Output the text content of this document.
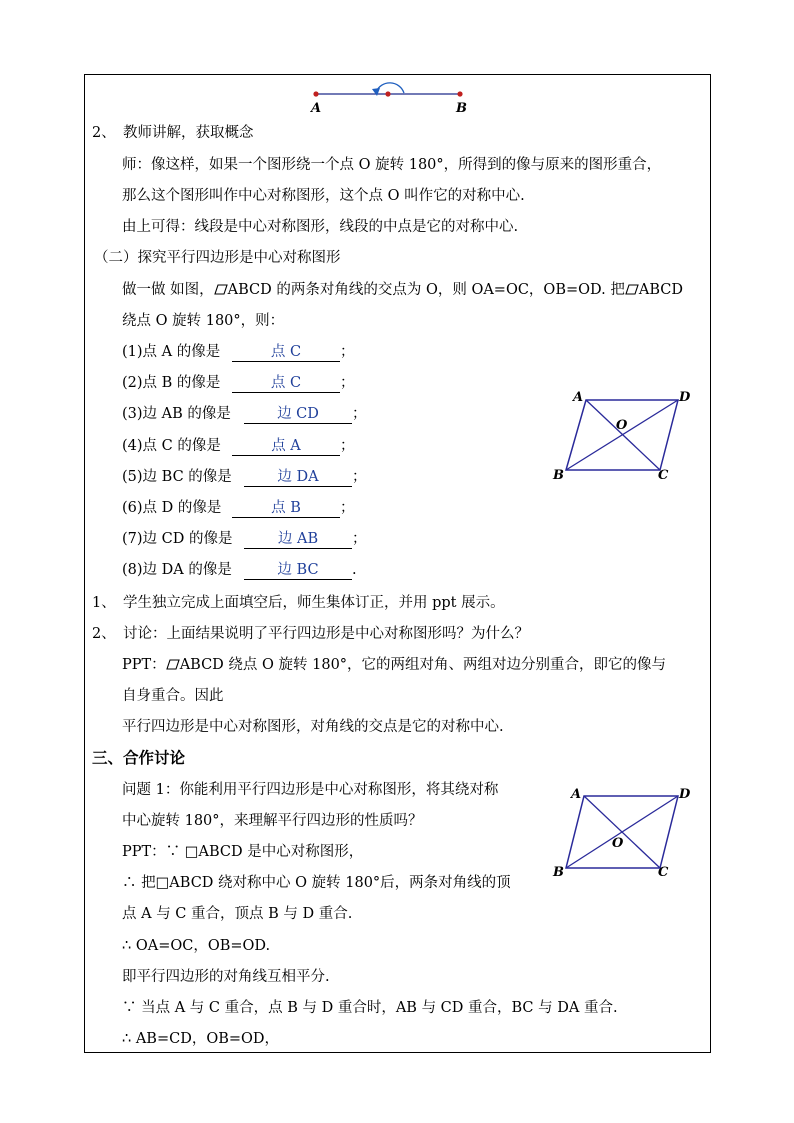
A	B
2、　教师讲解，获取概念
师：像这样，如果一个图形绕一个点 O 旋转 180°，所得到的像与原来的图形重合，
那么这个图形叫作中心对称图形，这个点 O 叫作它的对称中心.
由上可得：线段是中心对称图形，线段的中点是它的对称中心.
（二）探究平行四边形是中心对称图形
做一做 如图， ABCD 的两条对角线的交点为 O，则 OA=OC，OB=OD. 把 ABCD
绕点 O 旋转 180°，则：
(1)点 A 的像是	点 C	；
(2)点 B 的像是	点 C	；
(3)边 AB 的像是	边 CD ；
(4)点 C 的像是	点 A	；
(5)边 BC 的像是	边 DA ；
(6)点 D 的像是	点 B	；
(7)边 CD 的像是	边 AB ；
(8)边 DA 的像是	边 BC .
A	D
B	C
O
1、　学生独立完成上面填空后，师生集体订正，并用 ppt 展示。
2、　讨论：上面结果说明了平行四边形是中心对称图形吗？为什么？
PPT： ABCD 绕点 O 旋转 180°，它的两组对角、两组对边分别重合，即它的像与
自身重合。因此
平行四边形是中心对称图形，对角线的交点是它的对称中心.
三、合作讨论
问题 1：你能利用平行四边形是中心对称图形，将其绕对称
中心旋转 180°，来理解平行四边形的性质吗？
PPT：∵ □ABCD 是中心对称图形，
∴ 把□ABCD 绕对称中心 O 旋转 180°后，两条对角线的顶
点 A 与 C 重合，顶点 B 与 D 重合.
∴ OA=OC，OB=OD.
即平行四边形的对角线互相平分.
∵ 当点 A 与 C 重合，点 B 与 D 重合时，AB 与 CD 重合，BC 与 DA 重合.
∴ AB=CD，OB=OD，
A	D
B	C
O
